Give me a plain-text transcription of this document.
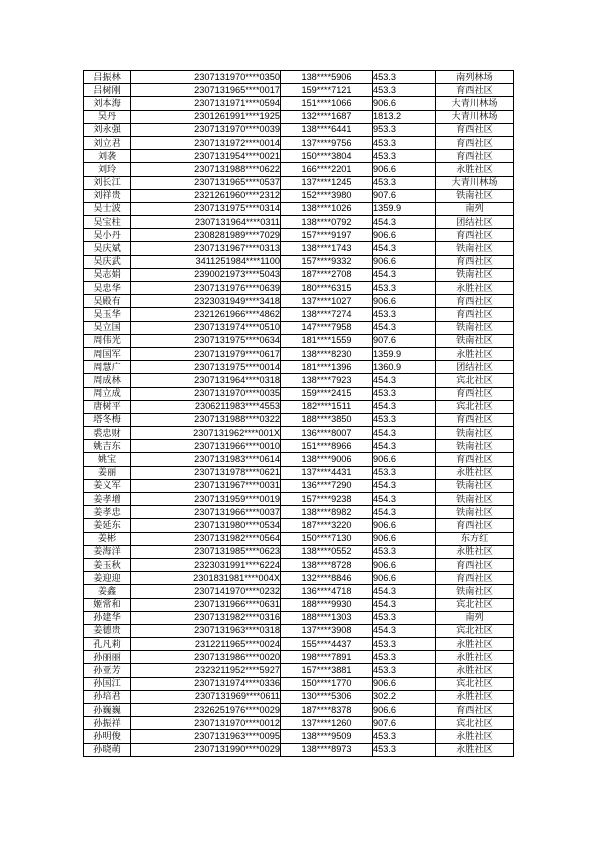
吕振林	2307131970****0350	138****5906	453.3	南列林场
吕树刚	2307131965****0017	159****7121	453.3	育西社区
刘本海	2307131971****0594	151****1066	906.6	大青川林场
吴丹	2301261991****1925	132****1687	1813.2	大青川林场
刘永强	2307131970****0039	138****6441	953.3	育西社区
刘立君	2307131972****0014	137****9756	453.3	育西社区
刘袭	2307131954****0021	150****3804	453.3	育西社区
刘玲	2307131988****0622	166****2201	906.6	永胜社区
刘长江	2307131965****0537	137****1245	453.3	大青川林场
刘祥贵	2321261960****2312	152****3980	907.6	铁南社区
吴士波	2307131975****0314	138****1026	1359.9	南列
吴宝柱	2307131964****0311	138****0792	454.3	团结社区
吴小丹	2308281989****7029	157****9197	906.6	育西社区
吴庆斌	2307131967****0313	138****1743	454.3	铁南社区
吴庆武	3411251984****1100	157****9332	906.6	育西社区
吴志娟	2390021973****5043	187****2708	454.3	铁南社区
吴忠华	2307131976****0639	180****6315	453.3	永胜社区
吴殿有	2323031949****3418	137****1027	906.6	育西社区
吴玉华	2321261966****4862	138****7274	453.3	育西社区
吴立国	2307131974****0510	147****7958	454.3	铁南社区
周伟光	2307131975****0634	181****1559	907.6	铁南社区
周国军	2307131979****0617	138****8230	1359.9	永胜社区
周慧广	2307131975****0014	181****1396	1360.9	团结社区
周成林	2307131964****0318	138****7923	454.3	宾北社区
周立成	2307131970****0035	159****2415	453.3	育西社区
唐树平	2306211983****4553	182****1511	454.3	宾北社区
塔冬梅	2307131988****0322	188****3850	453.3	育西社区
裘忠财	2307131962****001X	136****8007	454.3	铁南社区
姚吉东	2307131966****0010	151****8966	454.3	铁南社区
姚宝	2307131983****0614	138****9006	906.6	育西社区
姜丽	2307131978****0621	137****4431	453.3	永胜社区
姜义军	2307131967****0031	136****7290	454.3	铁南社区
姜孝增	2307131959****0019	157****9238	454.3	铁南社区
姜孝忠	2307131966****0037	138****8982	454.3	铁南社区
姜延东	2307131980****0534	187****3220	906.6	育西社区
姜彬	2307131982****0564	150****7130	906.6	东方红
姜海洋	2307131985****0623	138****0552	453.3	永胜社区
姜玉秋	2323031991****6224	138****8728	906.6	育西社区
姜迎迎	2301831981****004X	132****8846	906.6	育西社区
姜鑫	2307141970****0232	136****4718	454.3	铁南社区
姬常和	2307131966****0631	188****9930	454.3	宾北社区
孙建华	2307131982****0316	188****1303	453.3	南列
姜德贵	2307131963****0318	137****3908	454.3	宾北社区
孔凡莉	2312211965****0024	155****4437	453.3	永胜社区
孙丽丽	2307131986****0020	198****7891	453.3	永胜社区
孙亚芳	2323211952****5927	157****3881	453.3	永胜社区
孙国江	2307131974****0336	150****1770	906.6	宾北社区
孙培君	2307131969****0611	130****5306	302.2	永胜社区
孙巍巍	2326251976****0029	187****8378	906.6	育西社区
孙振祥	2307131970****0012	137****1260	907.6	宾北社区
孙明俊	2307131963****0095	138****9509	453.3	永胜社区
孙晓萌	2307131990****0029	138****8973	453.3	永胜社区
